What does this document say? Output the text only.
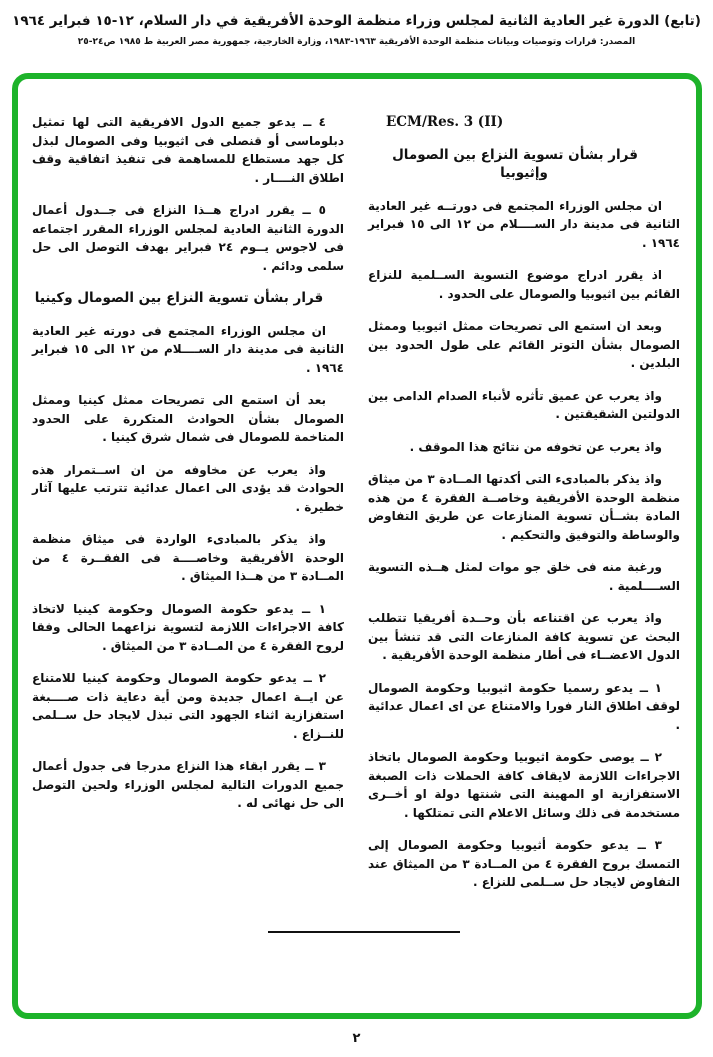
(تابع) الدورة غير العادية الثانية لمجلس وزراء منظمة الوحدة الأفريقية في دار السلام، ١٢-١٥ فبراير ١٩٦٤
المصدر: قرارات وتوصيات وبيانات منظمة الوحدة الأفريقية ١٩٦٣-١٩٨٣، وزارة الخارجية، جمهورية مصر العربية ط ١٩٨٥ ص٢٤-٢٥

ECM/Res. 3 (II)

قرار بشأن تسوية النزاع بين الصومال وإثيوبيا

ان مجلس الوزراء المجتمع فى دورتــه غير العادية الثانية فى مدينة دار الســــلام من ١٢ الى ١٥ فبراير ١٩٦٤ .

اذ يقرر ادراج موضوع التسوية الســلمية للنزاع القائم بين اثيوبيا والصومال على الحدود .

وبعد ان استمع الى تصريحات ممثل اثيوبيا وممثل الصومال بشأن التوتر القائم على طول الحدود بين البلدين .

واذ يعرب عن عميق تأثره لأنباء الصدام الدامى بين الدولتين الشقيقتين .

واذ يعرب عن تخوفه من نتائج هذا الموقف .

واذ يذكر بالمبادىء التى أكدتها المــادة ٣ من ميثاق منظمة الوحدة الأفريقية وخاصــة الفقرة ٤ من هذه المادة بشــأن تسوية المنازعات عن طريق التفاوض والوساطة والتوفيق والتحكيم .

ورغبة منه فى خلق جو موات لمثل هــذه التسوية الســــلمية .

واذ يعرب عن اقتناعه بأن وحــدة أفريقيا تتطلب البحث عن تسوية كافة المنازعات التى قد تنشأ بين الدول الاعضــاء فى أطار منظمة الوحدة الأفريقية .

١ ــ يدعو رسميا حكومة اثيوبيا وحكومة الصومال لوقف اطلاق النار فورا والامتناع عن اى اعمال عدائية .

٢ ــ يوصى حكومة اثيوبيا وحكومة الصومال باتخاذ الاجراءات اللازمة لايقاف كافة الحملات ذات الصبغة الاستفزازية او المهينة التى شنتها دولة او أخــرى مستخدمة فى ذلك وسائل الاعلام التى تمتلكها .

٣ ــ يدعو حكومة أثيوبيا وحكومة الصومال إلى التمسك بروح الفقرة ٤ من المــادة ٣ من الميثاق عند التفاوض لايجاد حل ســلمى للنزاع .

٤ ــ يدعو جميع الدول الافريقية التى لها تمثيل دبلوماسى أو قنصلى فى اثيوبيا وفى الصومال لبذل كل جهد مستطاع للمساهمة فى تنفيذ اتفاقية وقف اطلاق النــــار .

٥ ــ يقرر ادراج هــذا النزاع فى جــدول أعمال الدورة الثانية العادية لمجلس الوزراء المقرر اجتماعه فى لاجوس يــوم ٢٤ فبراير بهدف التوصل الى حل سلمى ودائم .

قرار بشأن تسوية النزاع بين الصومال وكينيا

ان مجلس الوزراء المجتمع فى دورته غير العادية الثانية فى مدينة دار الســــلام من ١٢ الى ١٥ فبراير ١٩٦٤ .

بعد أن استمع الى تصريحات ممثل كينيا وممثل الصومال بشأن الحوادث المتكررة على الحدود المتاخمة للصومال فى شمال شرق كينيا .

واذ يعرب عن مخاوفه من ان اســتمرار هذه الحوادث قد يؤدى الى اعمال عدائية تترتب عليها آثار خطيرة .

واذ يذكر بالمبادىء الواردة فى ميثاق منظمة الوحدة الأفريقية وخاصــــة فى الفقــرة ٤ من المــادة ٣ من هــذا الميثاق .

١ ــ يدعو حكومة الصومال وحكومة كينيا لاتخاذ كافة الاجراءات اللازمة لتسوية نزاعهما الحالى وفقا لروح الفقرة ٤ من المــادة ٣ من الميثاق .

٢ ــ يدعو حكومة الصومال وحكومة كينيا للامتناع عن ايــة اعمال جديدة ومن أية دعاية ذات صــــبغة استفزازية اثناء الجهود التى تبذل لايجاد حل ســلمى للنــزاع .

٣ ــ يقرر ابقاء هذا النزاع مدرجا فى جدول أعمال جميع الدورات التالية لمجلس الوزراء ولحين التوصل الى حل نهائى له .

٢
